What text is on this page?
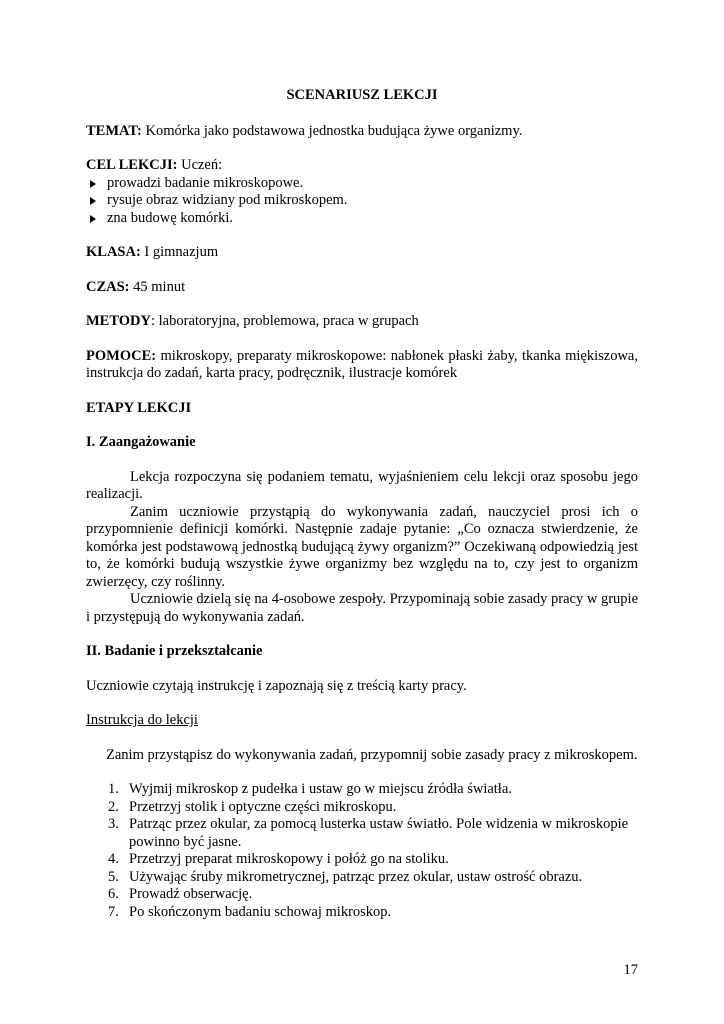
SCENARIUSZ LEKCJI

TEMAT: Komórka jako podstawowa jednostka budująca żywe organizmy.

CEL LEKCJI: Uczeń:

prowadzi badanie mikroskopowe.
rysuje obraz widziany pod mikroskopem.
zna budowę komórki.

KLASA: I gimnazjum

CZAS: 45 minut

METODY: laboratoryjna, problemowa, praca w grupach

POMOCE: mikroskopy, preparaty mikroskopowe: nabłonek płaski żaby, tkanka miękiszowa, instrukcja do zadań, karta pracy, podręcznik, ilustracje komórek

ETAPY LEKCJI

I. Zaangażowanie

Lekcja rozpoczyna się podaniem tematu, wyjaśnieniem celu lekcji oraz sposobu jego realizacji.

Zanim uczniowie przystąpią do wykonywania zadań, nauczyciel prosi ich o przypomnienie definicji komórki. Następnie zadaje pytanie: „Co oznacza stwierdzenie, że komórka jest podstawową jednostką budującą żywy organizm?” Oczekiwaną odpowiedzią jest to, że komórki budują wszystkie żywe organizmy bez względu na to, czy jest to organizm zwierzęcy, czy roślinny.

Uczniowie dzielą się na 4-osobowe zespoły. Przypominają sobie zasady pracy w grupie i przystępują do wykonywania zadań.

II. Badanie i przekształcanie

Uczniowie czytają instrukcję i zapoznają się z treścią karty pracy.

Instrukcja do lekcji

Zanim przystąpisz do wykonywania zadań, przypomnij sobie zasady pracy z mikroskopem.

1. Wyjmij mikroskop z pudełka i ustaw go w miejscu źródła światła.
2. Przetrzyj stolik i optyczne części mikroskopu.
3. Patrząc przez okular, za pomocą lusterka ustaw światło. Pole widzenia w mikroskopie powinno być jasne.
4. Przetrzyj preparat mikroskopowy i połóż go na stoliku.
5. Używając śruby mikrometrycznej, patrząc przez okular, ustaw ostrość obrazu.
6. Prowadź obserwację.
7. Po skończonym badaniu schowaj mikroskop.
17
